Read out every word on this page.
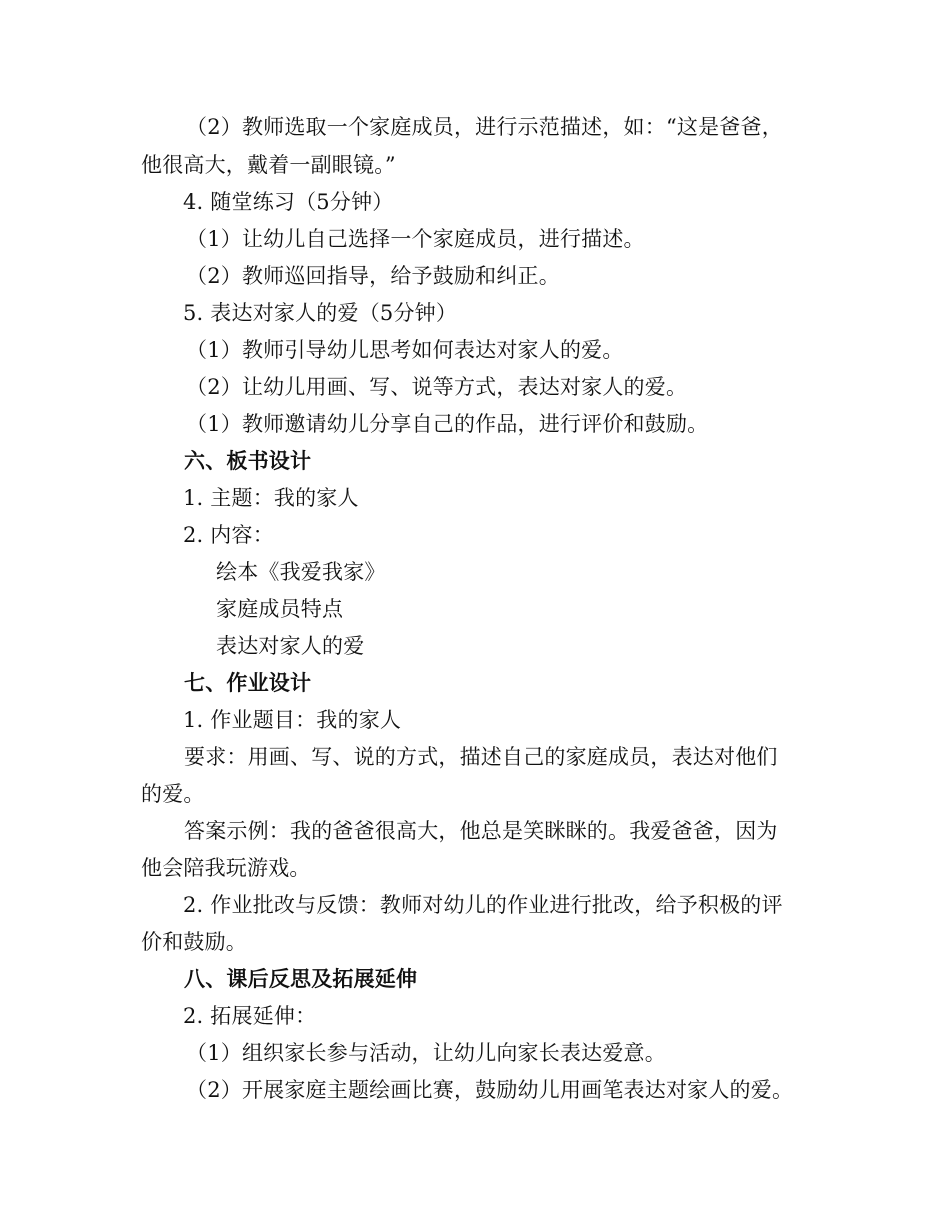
（2）教师选取一个家庭成员，进行示范描述，如：“这是爸爸，
他很高大，戴着一副眼镜。”
4. 随堂练习（5分钟）
（1）让幼儿自己选择一个家庭成员，进行描述。
（2）教师巡回指导，给予鼓励和纠正。
5. 表达对家人的爱（5分钟）
（1）教师引导幼儿思考如何表达对家人的爱。
（2）让幼儿用画、写、说等方式，表达对家人的爱。
（1）教师邀请幼儿分享自己的作品，进行评价和鼓励。
六、板书设计
1. 主题：我的家人
2. 内容：
绘本《我爱我家》
家庭成员特点
表达对家人的爱
七、作业设计
1. 作业题目：我的家人
要求：用画、写、说的方式，描述自己的家庭成员，表达对他们
的爱。
答案示例：我的爸爸很高大，他总是笑眯眯的。我爱爸爸，因为
他会陪我玩游戏。
2. 作业批改与反馈：教师对幼儿的作业进行批改，给予积极的评
价和鼓励。
八、课后反思及拓展延伸
2. 拓展延伸：
（1）组织家长参与活动，让幼儿向家长表达爱意。
（2）开展家庭主题绘画比赛，鼓励幼儿用画笔表达对家人的爱。
